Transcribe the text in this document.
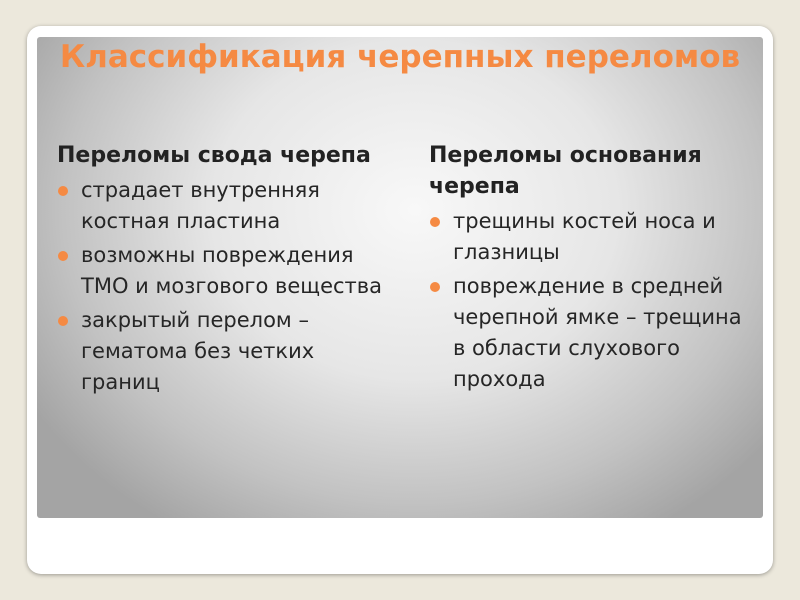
Классификация черепных переломов
Переломы свода черепа
страдает внутренняя костная пластина
возможны повреждения ТМО и мозгового вещества
закрытый перелом – гематома без четких границ
Переломы основания черепа
трещины костей носа и глазницы
повреждение в средней черепной ямке – трещина в области слухового прохода
